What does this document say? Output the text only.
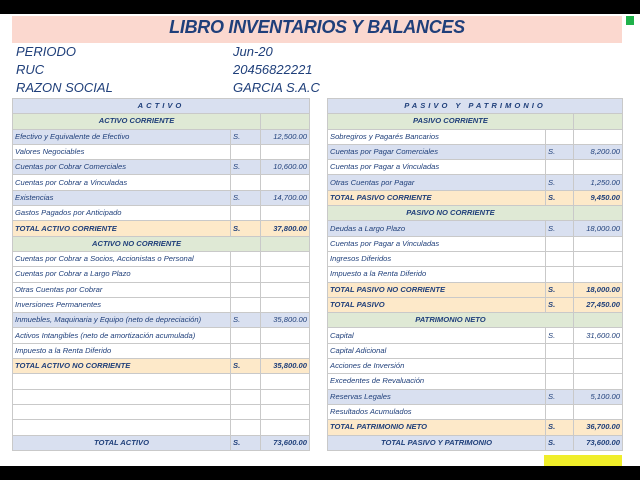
LIBRO INVENTARIOS Y BALANCES
PERIODO	Jun-20
RUC	20456822221
RAZON SOCIAL	GARCIA S.A.C
ACTIVO		
ACTIVO CORRIENTE		
Efectivo y Equivalente de Efectivo	S.	12,500.00
Valores Negociables		
Cuentas por Cobrar Comerciales	S.	10,600.00
Cuentas por Cobrar a Vinculadas		
Existencias	S.	14,700.00
Gastos Pagados por Anticipado		
TOTAL ACTIVO CORRIENTE	S.	37,800.00
ACTIVO NO CORRIENTE		
Cuentas por Cobrar a Socios, Accionistas o Personal		
Cuentas por Cobrar a Largo Plazo		
Otras Cuentas por Cobrar		
Inversiones Permanentes		
Inmuebles, Maquinaria y Equipo (neto de depreciación)	S.	35,800.00
Activos Intangibles (neto de amortización acumulada)		
Impuesto a la Renta Diferido		
TOTAL ACTIVO NO CORRIENTE	S.	35,800.00

TOTAL ACTIVO	S.	73,600.00
PASIVO Y PATRIMONIO		
PASIVO CORRIENTE		
Sobregiros y Pagarés Bancarios		
Cuentas por Pagar Comerciales	S.	8,200.00
Cuentas por Pagar a Vinculadas		
Otras Cuentas por Pagar	S.	1,250.00
TOTAL PASIVO CORRIENTE	S.	9,450.00
PASIVO NO CORRIENTE		
Deudas a Largo Plazo	S.	18,000.00
Cuentas por Pagar a Vinculadas		
Ingresos Diferidos		
Impuesto a la Renta Diferido		
TOTAL PASIVO NO CORRIENTE	S.	18,000.00
TOTAL PASIVO	S.	27,450.00
PATRIMONIO NETO		
Capital	S.	31,600.00
Capital Adicional		
Acciones de Inversión		
Excedentes de Revaluación		
Reservas Legales	S.	5,100.00
Resultados Acumulados		
TOTAL PATRIMONIO NETO	S.	36,700.00
TOTAL PASIVO Y PATRIMONIO	S.	73,600.00
